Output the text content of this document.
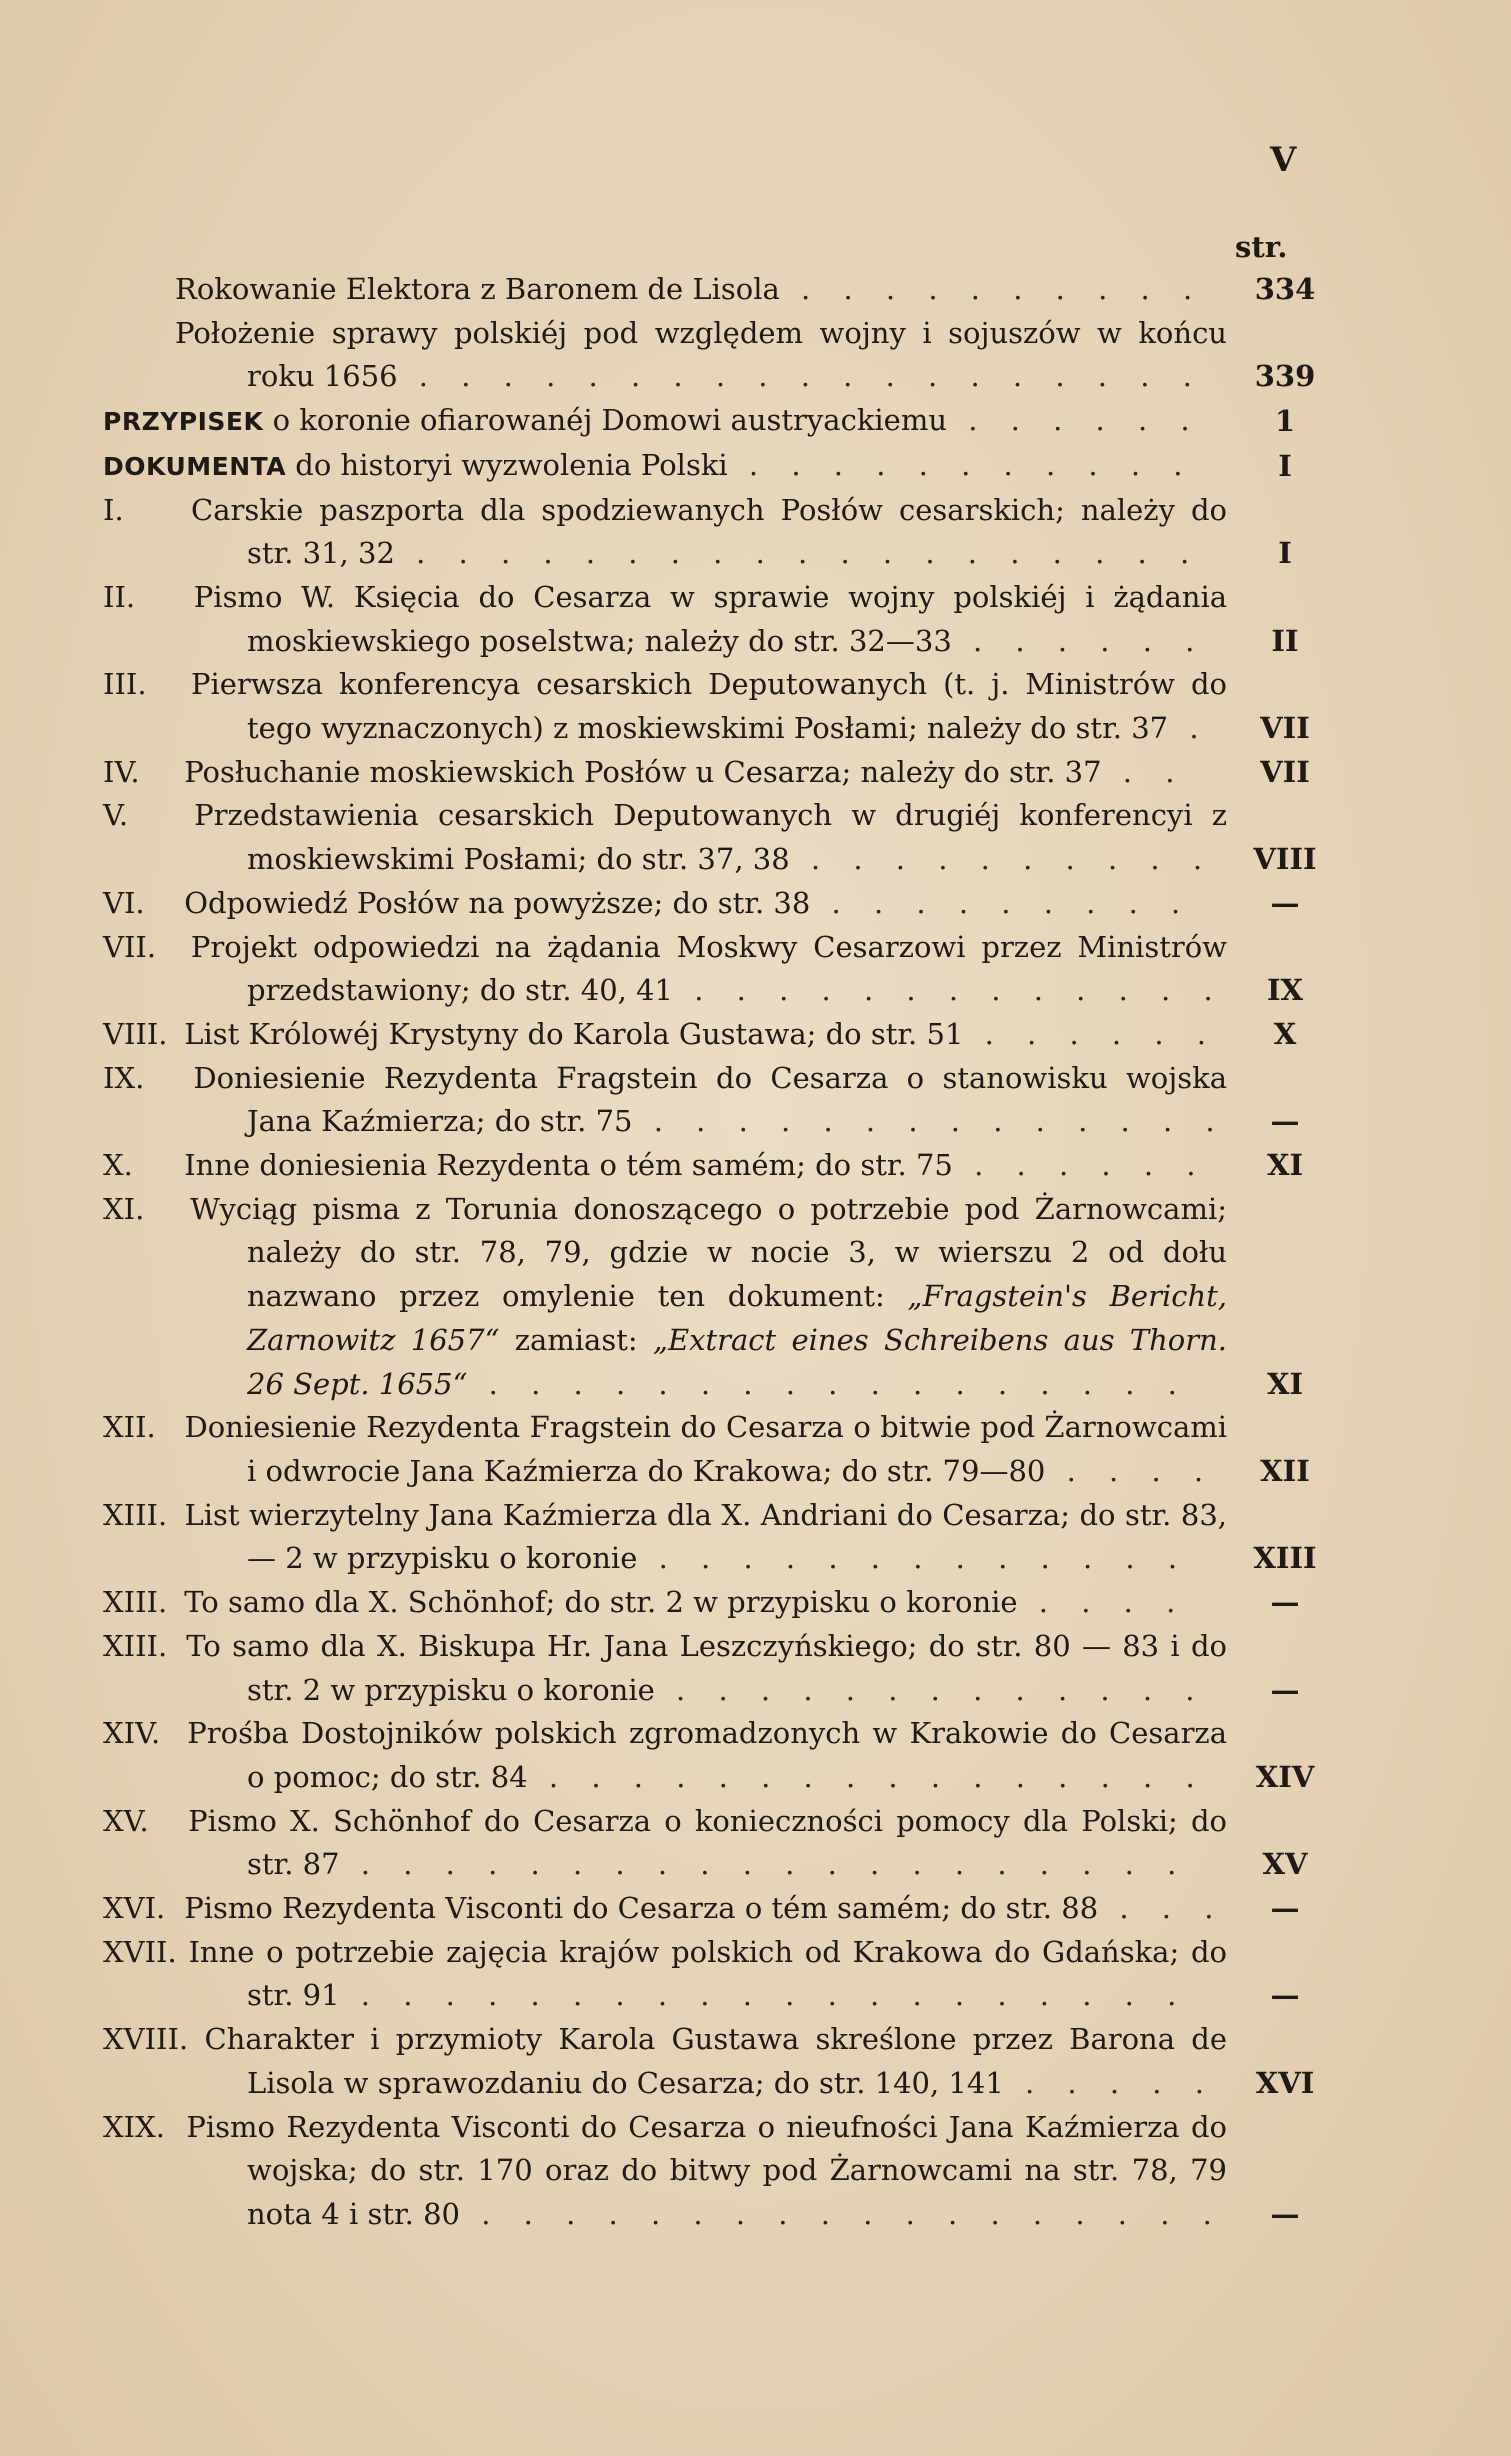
V
str.
Rokowanie Elektora z Baronem de Lisola . . . . . . . . . .	334
Położenie sprawy polskiéj pod względem wojny i sojuszów w końcu roku 1656 . . . . . . . . . . . . . . . . . . .	339
PRZYPISEK o koronie ofiarowanéj Domowi austryackiemu . . . . . .	1
DOKUMENTA do historyi wyzwolenia Polski . . . . . . . . . . .	I
I. Carskie paszporta dla spodziewanych Posłów cesarskich; należy do str. 31, 32 . . . . . . . . . . . . . . . . . . .	I
II. Pismo W. Księcia do Cesarza w sprawie wojny polskiéj i żądania moskiewskiego poselstwa; należy do str. 32—33 . . . . . .	II
III. Pierwsza konferencya cesarskich Deputowanych (t. j. Ministrów do tego wyznaczonych) z moskiewskimi Posłami; należy do str. 37 .	VII
IV. Posłuchanie moskiewskich Posłów u Cesarza; należy do str. 37 . .	VII
V. Przedstawienia cesarskich Deputowanych w drugiéj konferencyi z moskiewskimi Posłami; do str. 37, 38 . . . . . . . . . .	VIII
VI. Odpowiedź Posłów na powyższe; do str. 38 . . . . . . . . .	—
VII. Projekt odpowiedzi na żądania Moskwy Cesarzowi przez Ministrów przedstawiony; do str. 40, 41 . . . . . . . . . . . . .	IX
VIII. List Królowéj Krystyny do Karola Gustawa; do str. 51 . . . . . .	X
IX. Doniesienie Rezydenta Fragstein do Cesarza o stanowisku wojska Jana Kaźmierza; do str. 75 . . . . . . . . . . . . . .	—
X. Inne doniesienia Rezydenta o tém samém; do str. 75 . . . . . .	XI
XI. Wyciąg pisma z Torunia donoszącego o potrzebie pod Żarnowcami; należy do str. 78, 79, gdzie w nocie 3, w wierszu 2 od dołu nazwano przez omylenie ten dokument: „Fragstein's Bericht, Zarnowitz 1657“ zamiast: „Extract eines Schreibens aus Thorn. 26 Sept. 1655“ . . . . . . . . . . . . . . . . .	XI
XII. Doniesienie Rezydenta Fragstein do Cesarza o bitwie pod Żarnowcami i odwrocie Jana Kaźmierza do Krakowa; do str. 79—80 . . . .	XII
XIII. List wierzytelny Jana Kaźmierza dla X. Andriani do Cesarza; do str. 83,— 2 w przypisku o koronie . . . . . . . . . . . . .	XIII
XIII. To samo dla X. Schönhof; do str. 2 w przypisku o koronie . . . .	—
XIII. To samo dla X. Biskupa Hr. Jana Leszczyńskiego; do str. 80 — 83 i do str. 2 w przypisku o koronie . . . . . . . . . . . . .	—
XIV. Prośba Dostojników polskich zgromadzonych w Krakowie do Cesarza o pomoc; do str. 84 . . . . . . . . . . . . . . . .	XIV
XV. Pismo X. Schönhof do Cesarza o konieczności pomocy dla Polski; do str. 87 . . . . . . . . . . . . . . . . . . . .	XV
XVI. Pismo Rezydenta Visconti do Cesarza o tém samém; do str. 88 . . .	—
XVII. Inne o potrzebie zajęcia krajów polskich od Krakowa do Gdańska; do str. 91 . . . . . . . . . . . . . . . . . . . .	—
XVIII. Charakter i przymioty Karola Gustawa skreślone przez Barona de Lisola w sprawozdaniu do Cesarza; do str. 140, 141 . . . . .	XVI
XIX. Pismo Rezydenta Visconti do Cesarza o nieufności Jana Kaźmierza do wojska; do str. 170 oraz do bitwy pod Żarnowcami na str. 78, 79 nota 4 i str. 80 . . . . . . . . . . . . . . . . . .	—
